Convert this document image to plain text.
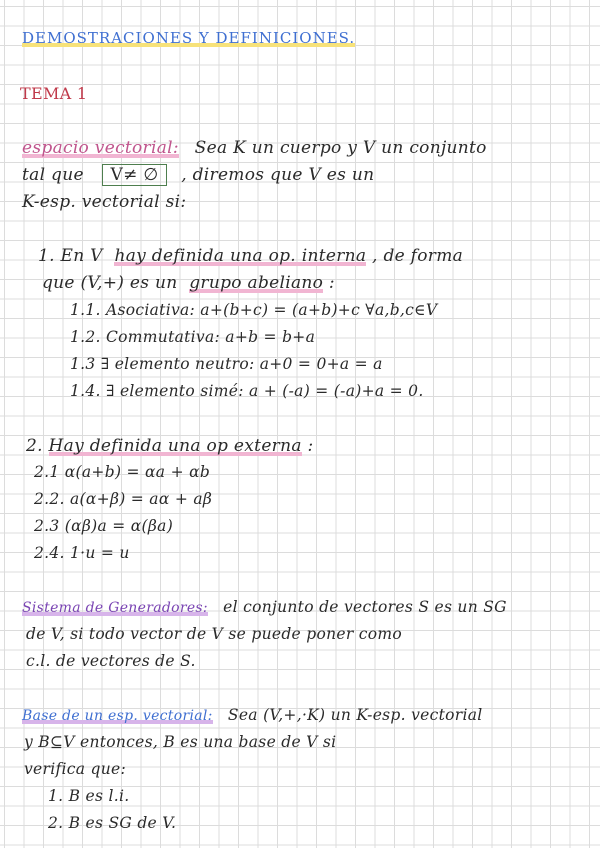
DEMOSTRACIONES Y DEFINICIONES.
TEMA 1
espacio vectorial: Sea K un cuerpo y V un conjunto
tal que V≠ ∅ , diremos que V es un
K-esp. vectorial si:
1. En V hay definida una op. interna , de forma
que (V,+) es un grupo abeliano :
1.1. Asociativa: a+(b+c) = (a+b)+c ∀a,b,c∈V
1.2. Commutativa: a+b = b+a
1.3 ∃ elemento neutro: a+0 = 0+a = a
1.4. ∃ elemento simé: a + (-a) = (-a)+a = 0.
2. Hay definida una op externa :
2.1 α(a+b) = αa + αb
2.2. a(α+β) = aα + aβ
2.3 (αβ)a = α(βa)
2.4. 1·u = u
Sistema de Generadores: el conjunto de vectores S es un SG
de V, si todo vector de V se puede poner como
c.l. de vectores de S.
Base de un esp. vectorial: Sea (V,+,·K) un K-esp. vectorial
y B⊆V entonces, B es una base de V si
verifica que:
1. B es l.i.
2. B es SG de V.
